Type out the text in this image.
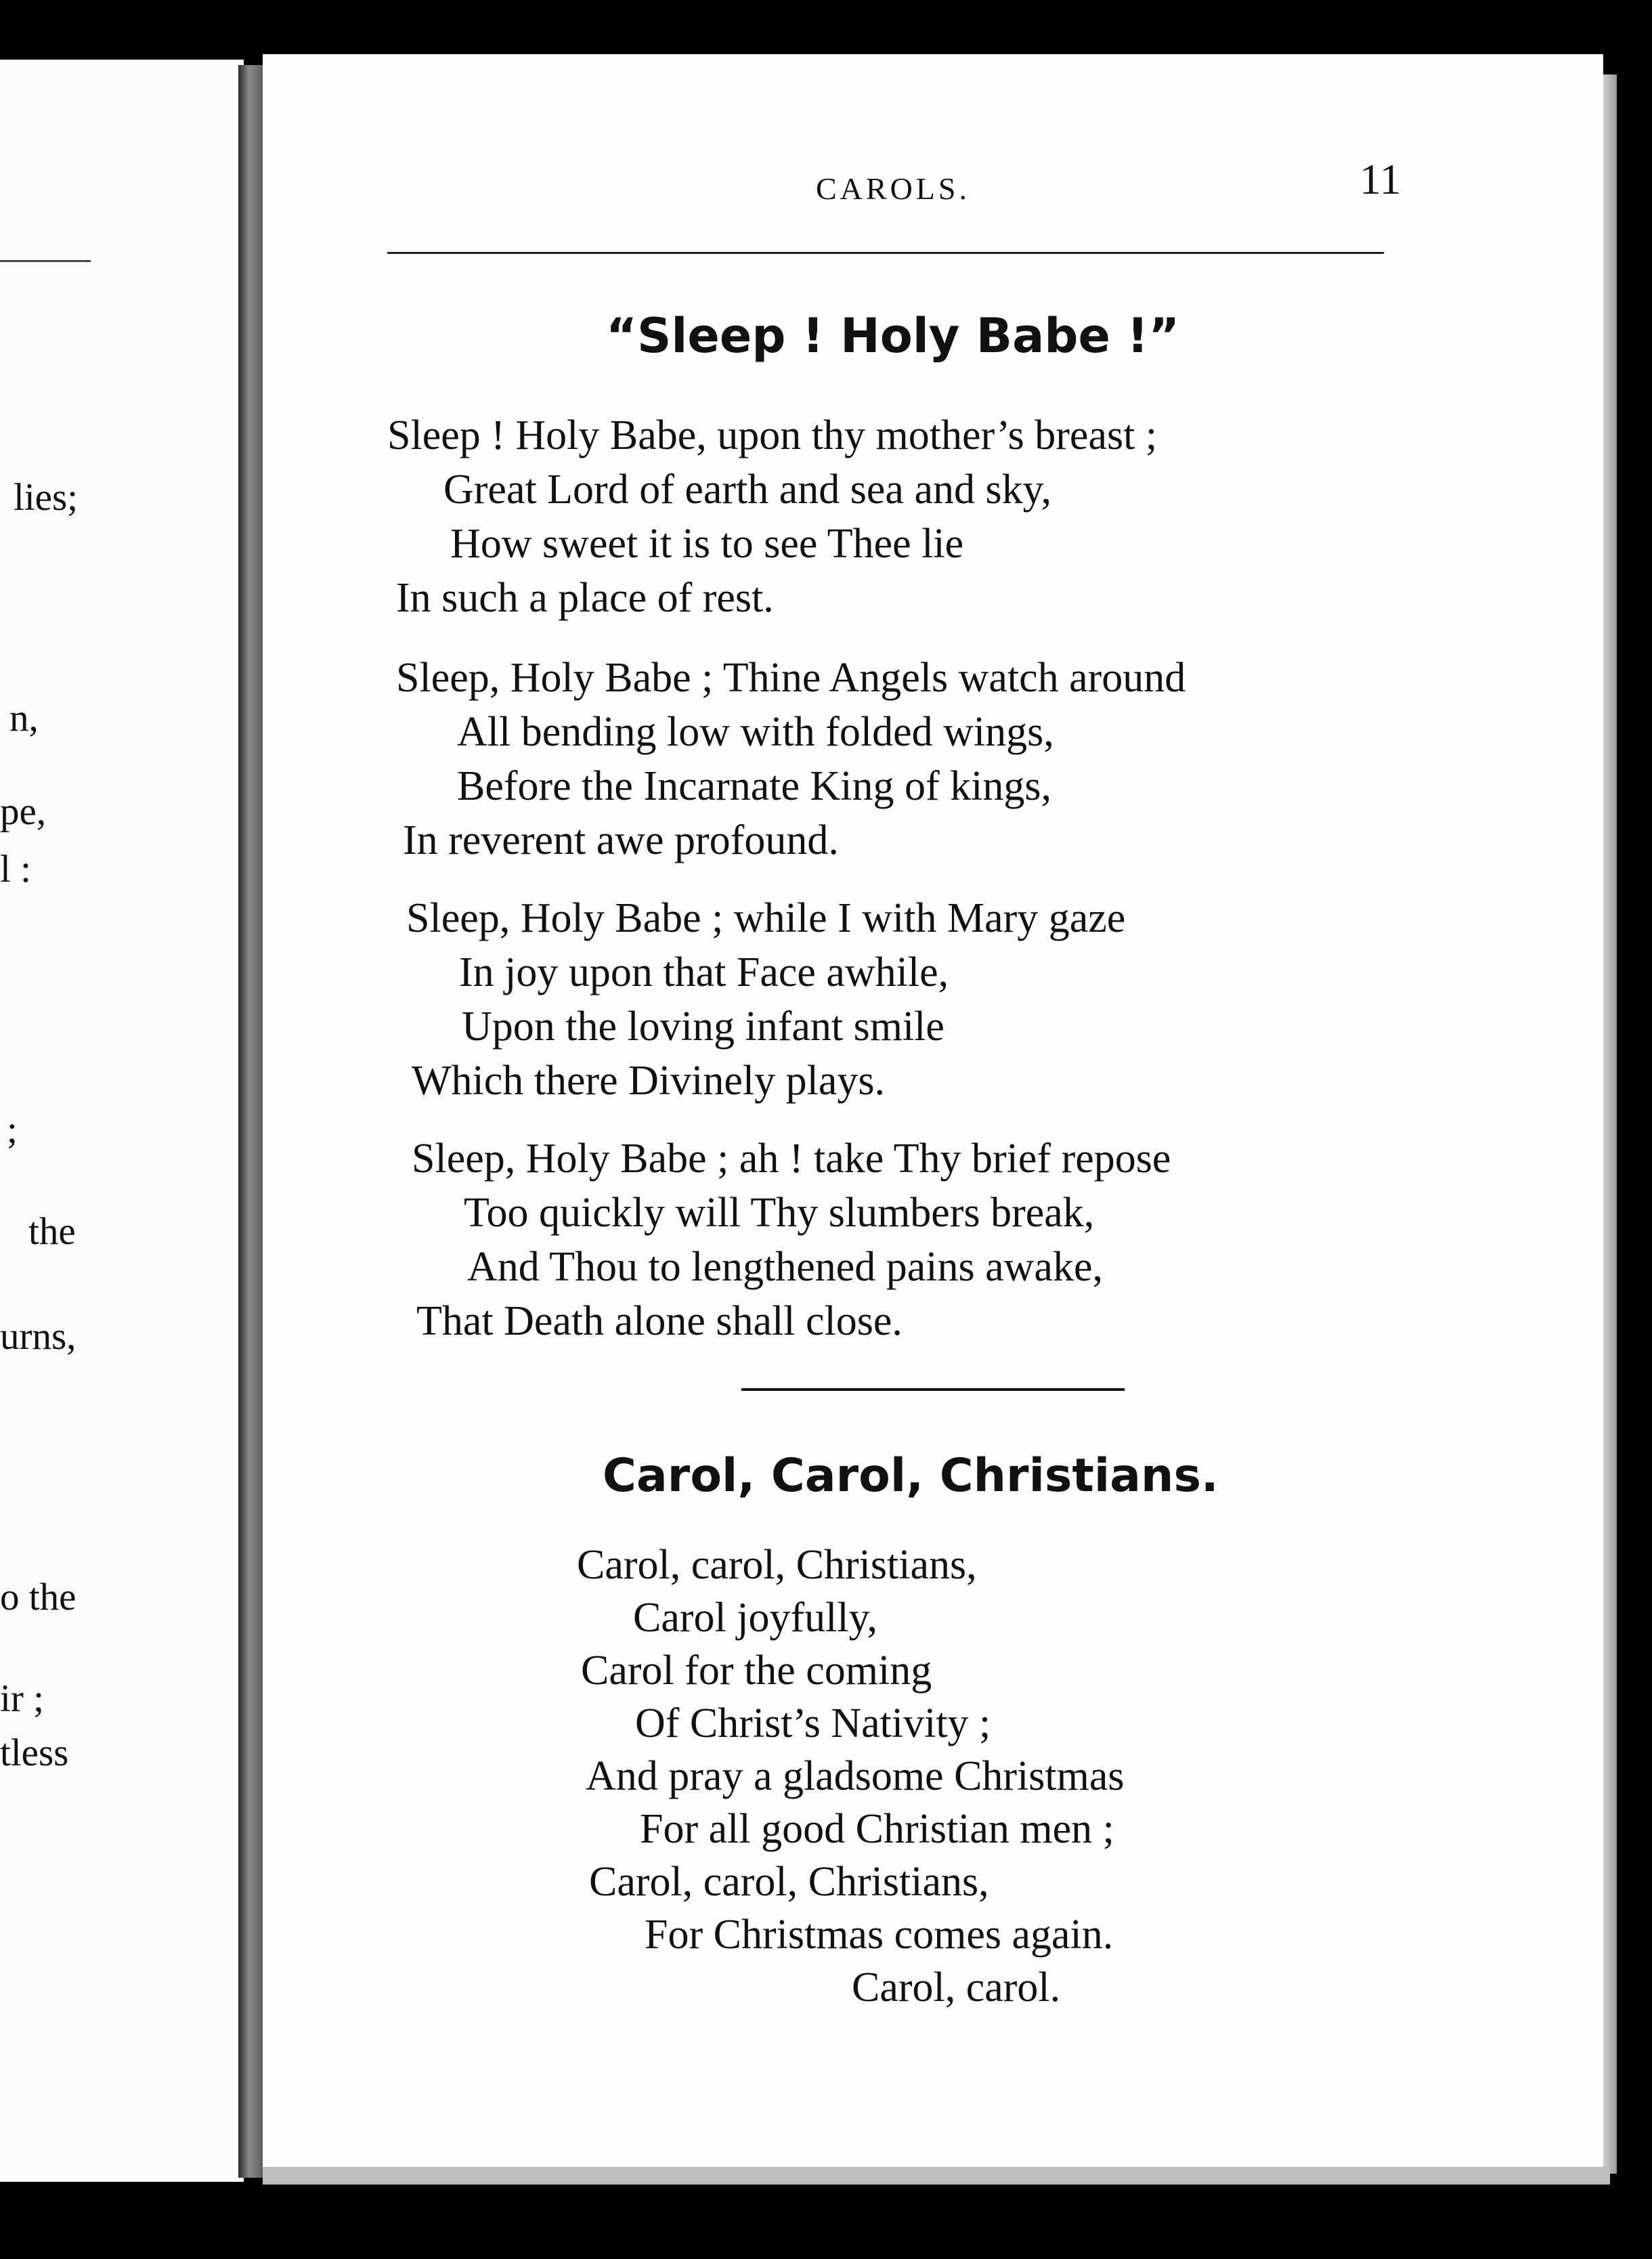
lies;
n,
pe,
l :
;
the
urns,
o the
ir ;
tless
CAROLS.	11
“Sleep ! Holy Babe !”
Sleep ! Holy Babe, upon thy mother’s breast ;
Great Lord of earth and sea and sky,
How sweet it is to see Thee lie
In such a place of rest.
Sleep, Holy Babe ; Thine Angels watch around
All bending low with folded wings,
Before the Incarnate King of kings,
In reverent awe profound.
Sleep, Holy Babe ; while I with Mary gaze
In joy upon that Face awhile,
Upon the loving infant smile
Which there Divinely plays.
Sleep, Holy Babe ; ah ! take Thy brief repose
Too quickly will Thy slumbers break,
And Thou to lengthened pains awake,
That Death alone shall close.
Carol, Carol, Christians.
Carol, carol, Christians,
Carol joyfully,
Carol for the coming
Of Christ’s Nativity ;
And pray a gladsome Christmas
For all good Christian men ;
Carol, carol, Christians,
For Christmas comes again.
Carol, carol.
